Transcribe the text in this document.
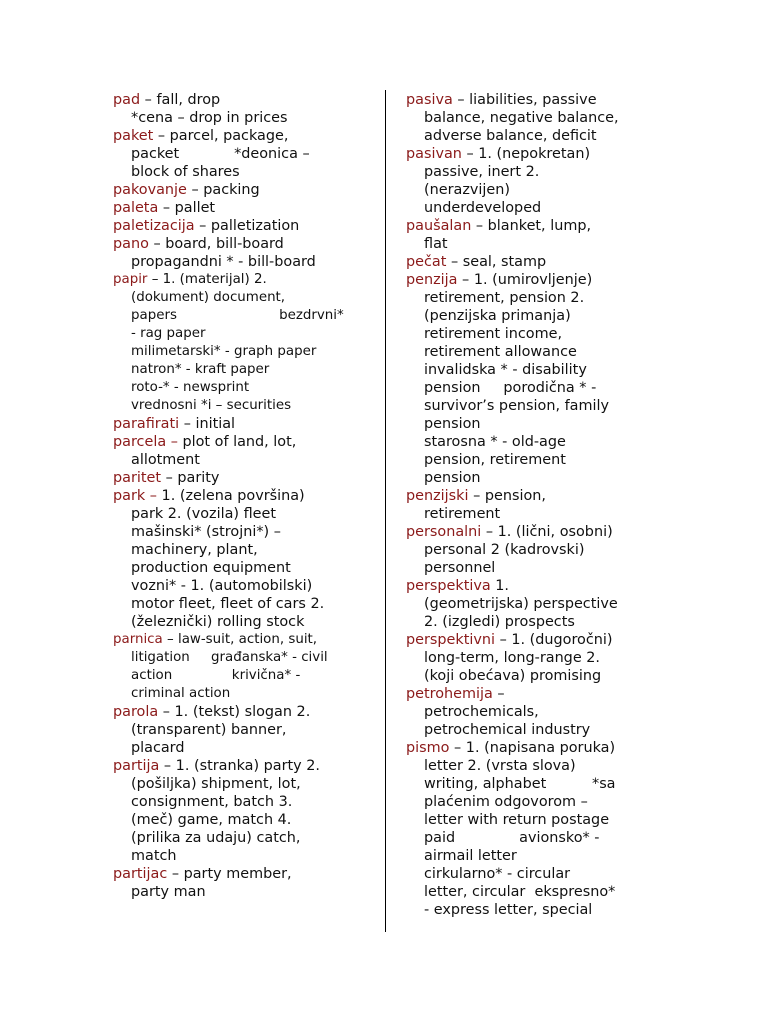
pad – fall, drop
*cena – drop in prices
paket – parcel, package,
packet            *deonica –
block of shares
pakovanje – packing
paleta – pallet
paletizacija – palletization
pano – board, bill-board
propagandni * - bill-board
papir – 1. (materijal) 2.
(dokument) document,
papers                        bezdrvni*
- rag paper
milimetarski* - graph paper
natron* - kraft paper
roto-* - newsprint
vrednosni *i – securities
parafirati – initial
parcela – plot of land, lot,
allotment
paritet – parity
park – 1. (zelena površina)
park 2. (vozila) fleet
mašinski* (strojni*) –
machinery, plant,
production equipment
vozni* - 1. (automobilski)
motor fleet, fleet of cars 2.
(železnički) rolling stock
parnica – law-suit, action, suit,
litigation     građanska* - civil
action              krivična* -
criminal action
parola – 1. (tekst) slogan 2.
(transparent) banner,
placard
partija – 1. (stranka) party 2.
(pošiljka) shipment, lot,
consignment, batch 3.
(meč) game, match 4.
(prilika za udaju) catch,
match
partijac – party member,
party man
pasiva – liabilities, passive
balance, negative balance,
adverse balance, deficit
pasivan – 1. (nepokretan)
passive, inert 2.
(nerazvijen)
underdeveloped
paušalan – blanket, lump,
flat
pečat – seal, stamp
penzija – 1. (umirovljenje)
retirement, pension 2.
(penzijska primanja)
retirement income,
retirement allowance
invalidska * - disability
pension     porodična * -
survivor’s pension, family
pension
starosna * - old-age
pension, retirement
pension
penzijski – pension,
retirement
personalni – 1. (lični, osobni)
personal 2 (kadrovski)
personnel
perspektiva 1.
(geometrijska) perspective
2. (izgledi) prospects
perspektivni – 1. (dugoročni)
long-term, long-range 2.
(koji obećava) promising
petrohemija –
petrochemicals,
petrochemical industry
pismo – 1. (napisana poruka)
letter 2. (vrsta slova)
writing, alphabet          *sa
plaćenim odgovorom –
letter with return postage
paid              avionsko* -
airmail letter
cirkularno* - circular
letter, circular  ekspresno*
- express letter, special
